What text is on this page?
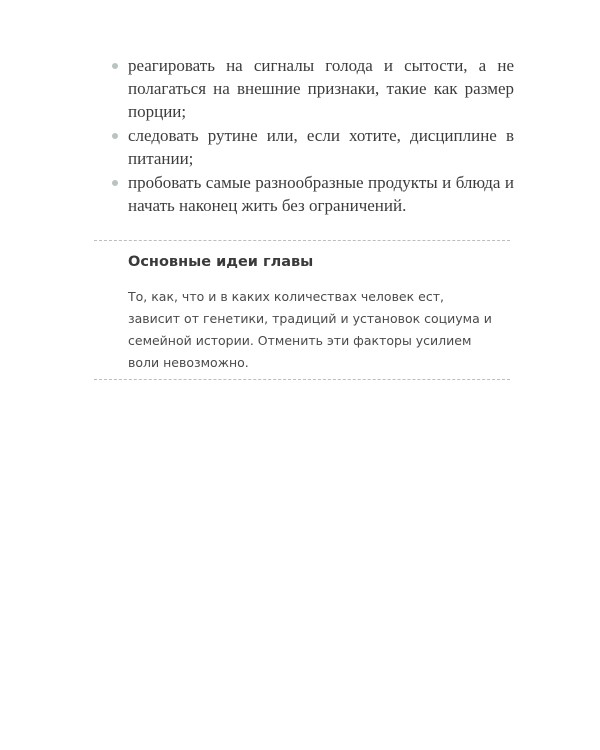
реагировать на сигналы голода и сытости, а не полагаться на внешние признаки, такие как размер порции;
следовать рутине или, если хотите, дисциплине в питании;
пробовать самые разнообразные продукты и блюда и начать наконец жить без ограничений.
Основные идеи главы

То, как, что и в каких количествах человек ест, зависит от генетики, традиций и установок социума и семейной истории. Отменить эти факторы усилием воли невозможно.
